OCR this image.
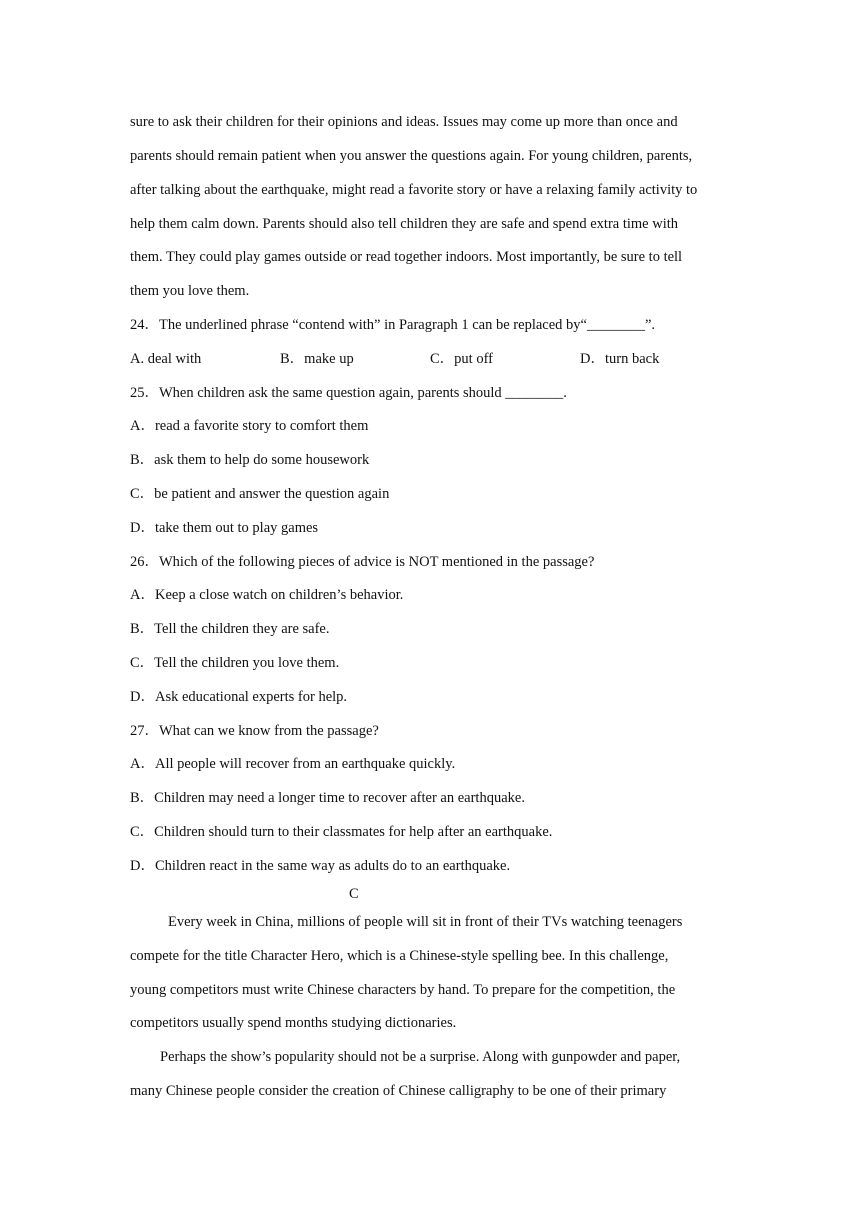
sure to ask their children for their opinions and ideas. Issues may come up more than once and
parents should remain patient when you answer the questions again. For young children, parents,
after talking about the earthquake, might read a favorite story or have a relaxing family activity to
help them calm down. Parents should also tell children they are safe and spend extra time with
them. They could play games outside or read together indoors. Most importantly, be sure to tell
them you love them.
24．The underlined phrase “contend with” in Paragraph 1 can be replaced by“________”.
A. deal with	B．make up	C．put off	D．turn back
25．When children ask the same question again, parents should ________.
A．read a favorite story to comfort them
B．ask them to help do some housework
C．be patient and answer the question again
D．take them out to play games
26．Which of the following pieces of advice is NOT mentioned in the passage?
A．Keep a close watch on children’s behavior.
B．Tell the children they are safe.
C．Tell the children you love them.
D．Ask educational experts for help.
27．What can we know from the passage?
A．All people will recover from an earthquake quickly.
B．Children may need a longer time to recover after an earthquake.
C．Children should turn to their classmates for help after an earthquake.
D．Children react in the same way as adults do to an earthquake.
C
Every week in China, millions of people will sit in front of their TVs watching teenagers
compete for the title Character Hero, which is a Chinese-style spelling bee. In this challenge,
young competitors must write Chinese characters by hand. To prepare for the competition, the
competitors usually spend months studying dictionaries.
Perhaps the show’s popularity should not be a surprise. Along with gunpowder and paper,
many Chinese people consider the creation of Chinese calligraphy to be one of their primary
